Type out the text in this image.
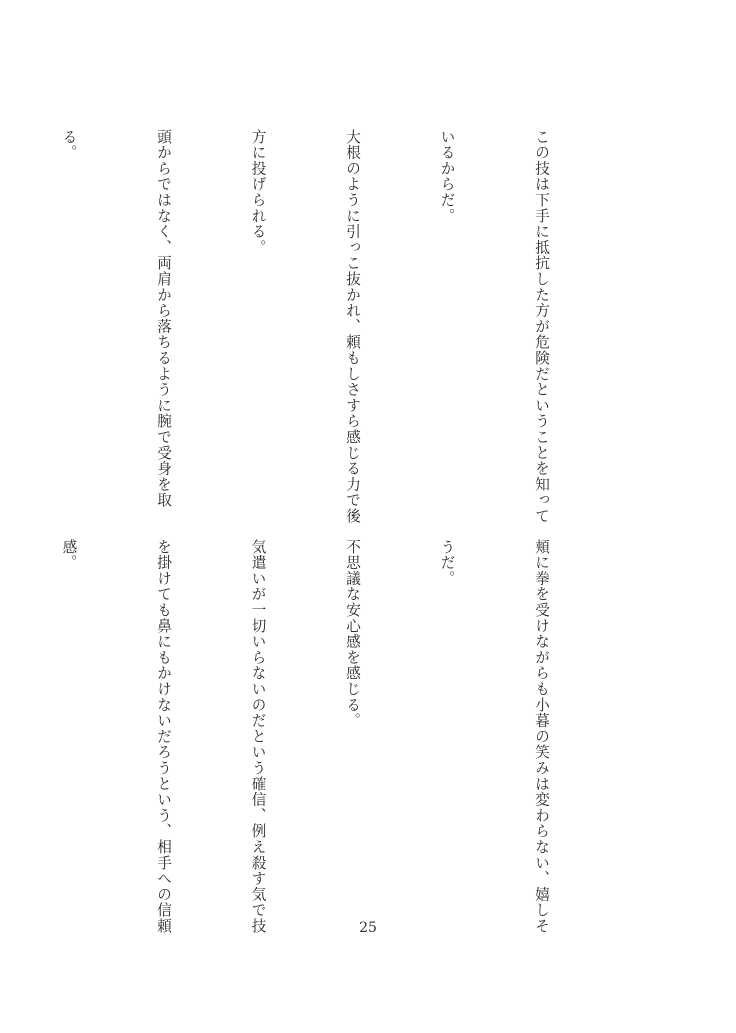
この技は下手に抵抗した方が危険だということを知って

いるからだ。

大根のように引っこ抜かれ、頼もしさすら感じる力で後

方に投げられる。

頭からではなく、両肩から落ちるように腕で受身を取

る。

頬に拳を受けながらも小暮の笑みは変わらない、嬉しそ

うだ。

不思議な安心感を感じる。

気遣いが一切いらないのだという確信、例え殺す気で技

を掛けても鼻にもかけないだろうという、相手への信頼

感。

25
